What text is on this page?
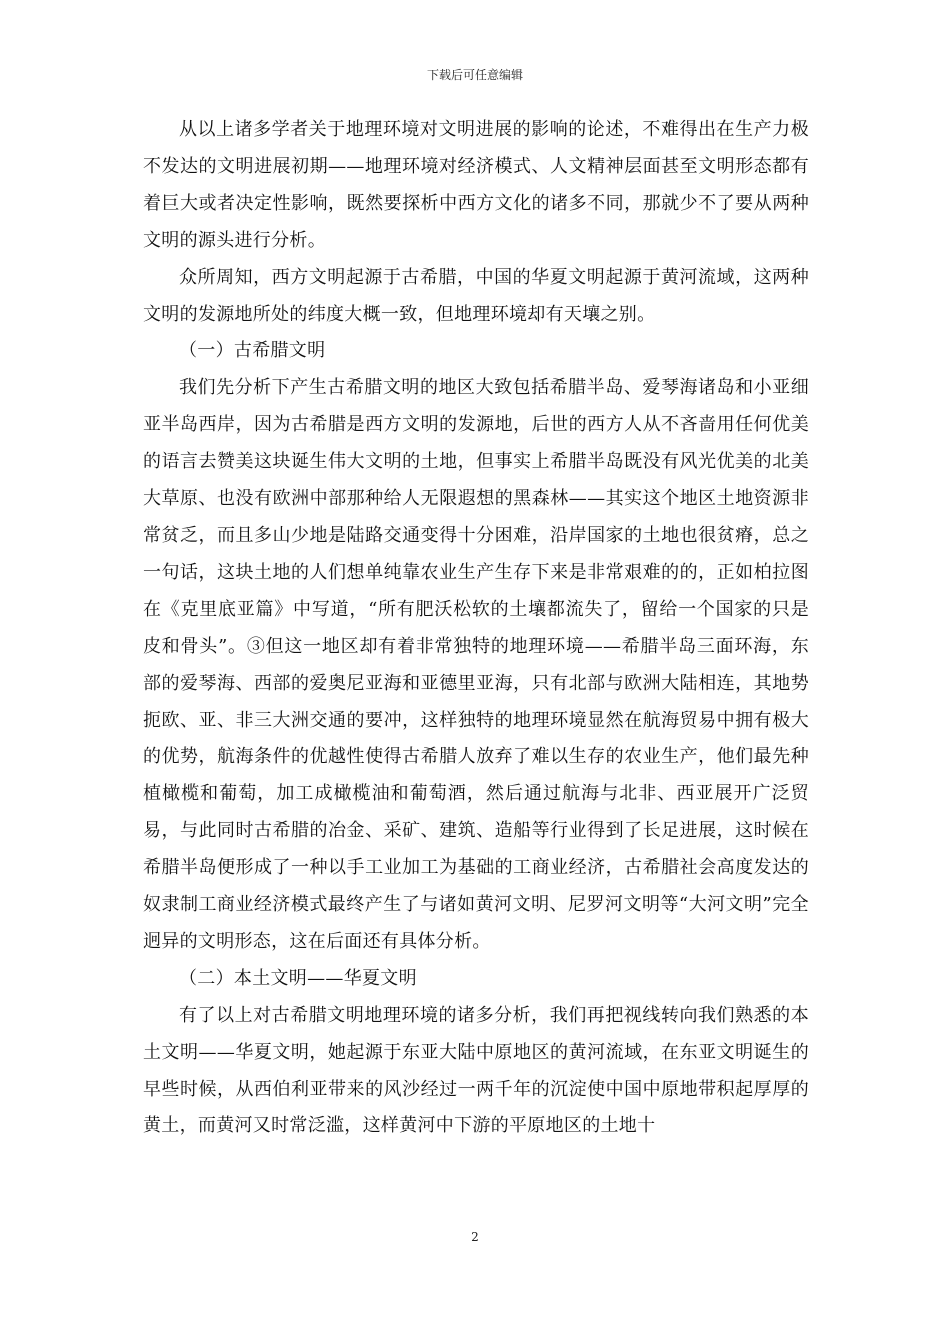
下载后可任意编辑

从以上诸多学者关于地理环境对文明进展的影响的论述，不难得出在生产力极不发达的文明进展初期——地理环境对经济模式、人文精神层面甚至文明形态都有着巨大或者决定性影响，既然要探析中西方文化的诸多不同，那就少不了要从两种文明的源头进行分析。

众所周知，西方文明起源于古希腊，中国的华夏文明起源于黄河流域，这两种文明的发源地所处的纬度大概一致，但地理环境却有天壤之别。

（一）古希腊文明

我们先分析下产生古希腊文明的地区大致包括希腊半岛、爱琴海诸岛和小亚细亚半岛西岸，因为古希腊是西方文明的发源地，后世的西方人从不吝啬用任何优美的语言去赞美这块诞生伟大文明的土地，但事实上希腊半岛既没有风光优美的北美大草原、也没有欧洲中部那种给人无限遐想的黑森林——其实这个地区土地资源非常贫乏，而且多山少地是陆路交通变得十分困难，沿岸国家的土地也很贫瘠，总之一句话，这块土地的人们想单纯靠农业生产生存下来是非常艰难的的，正如柏拉图在《克里底亚篇》中写道，“所有肥沃松软的土壤都流失了，留给一个国家的只是皮和骨头”。③但这一地区却有着非常独特的地理环境——希腊半岛三面环海，东部的爱琴海、西部的爱奥尼亚海和亚德里亚海，只有北部与欧洲大陆相连，其地势扼欧、亚、非三大洲交通的要冲，这样独特的地理环境显然在航海贸易中拥有极大的优势，航海条件的优越性使得古希腊人放弃了难以生存的农业生产，他们最先种植橄榄和葡萄，加工成橄榄油和葡萄酒，然后通过航海与北非、西亚展开广泛贸易，与此同时古希腊的冶金、采矿、建筑、造船等行业得到了长足进展，这时候在希腊半岛便形成了一种以手工业加工为基础的工商业经济，古希腊社会高度发达的奴隶制工商业经济模式最终产生了与诸如黄河文明、尼罗河文明等“大河文明”完全迥异的文明形态，这在后面还有具体分析。

（二）本土文明——华夏文明

有了以上对古希腊文明地理环境的诸多分析，我们再把视线转向我们熟悉的本土文明——华夏文明，她起源于东亚大陆中原地区的黄河流域，在东亚文明诞生的早些时候，从西伯利亚带来的风沙经过一两千年的沉淀使中国中原地带积起厚厚的黄土，而黄河又时常泛滥，这样黄河中下游的平原地区的土地十

2
